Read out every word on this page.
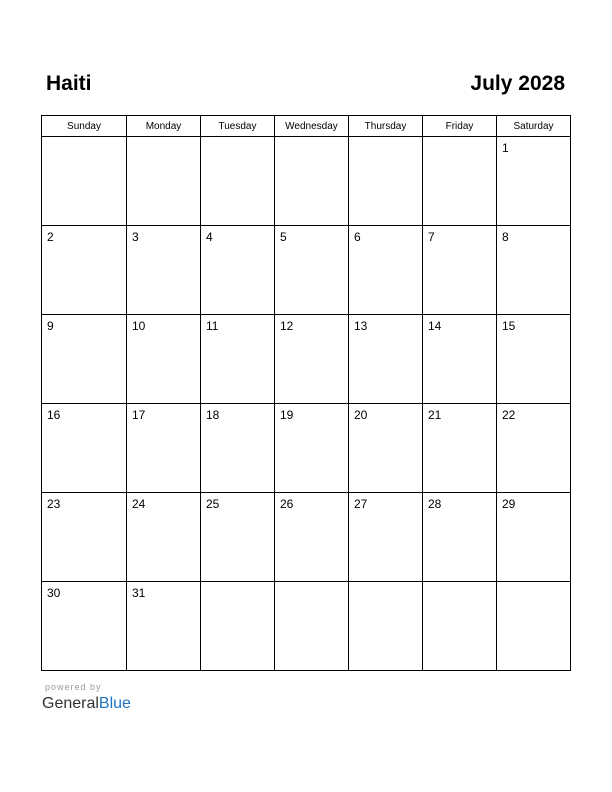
Haiti	July 2028
Sunday	Monday	Tuesday	Wednesday	Thursday	Friday	Saturday

						1

2	3	4	5	6	7	8

9	10	11	12	13	14	15

16	17	18	19	20	21	22

23	24	25	26	27	28	29

30	31					

powered by
GeneralBlue
